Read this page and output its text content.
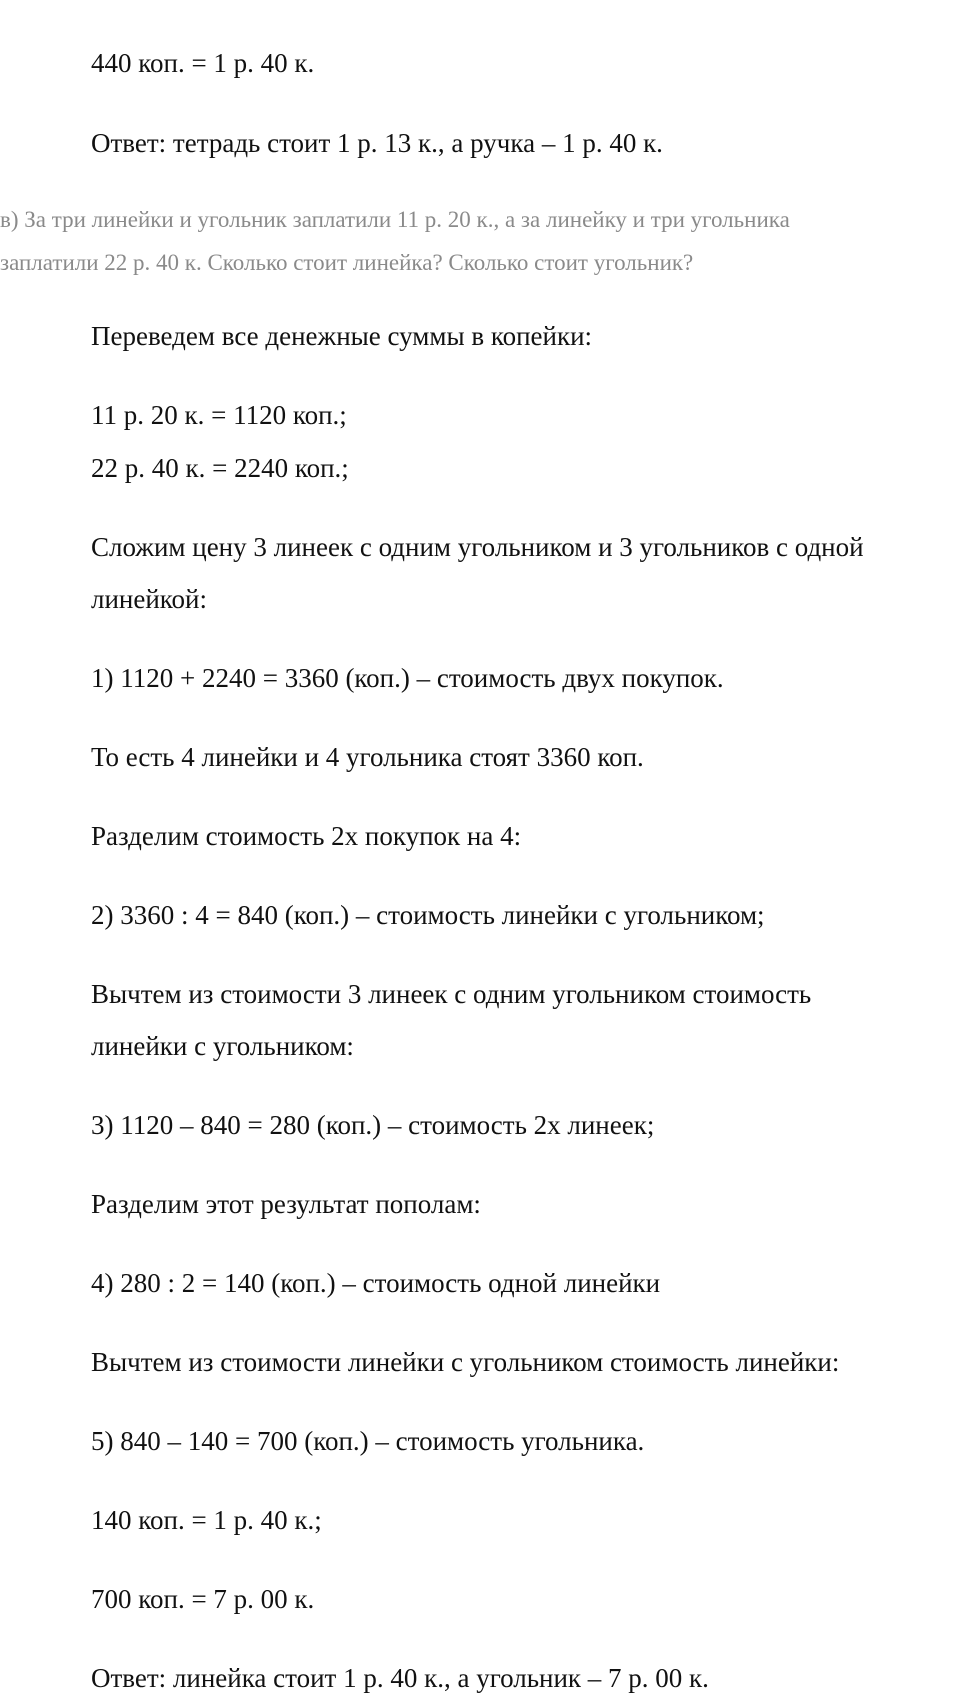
440 коп. = 1 р. 40 к.

Ответ: тетрадь стоит 1 р. 13 к., а ручка – 1 р. 40 к.

в) За три линейки и угольник заплатили 11 р. 20 к., а за линейку и три угольника

заплатили 22 р. 40 к. Сколько стоит линейка? Сколько стоит угольник?

Переведем все денежные суммы в копейки:

11 р. 20 к. = 1120 коп.;

22 р. 40 к. = 2240 коп.;

Сложим цену 3 линеек с одним угольником и 3 угольников с одной

линейкой:

1) 1120 + 2240 = 3360 (коп.) – стоимость двух покупок.

То есть 4 линейки и 4 угольника стоят 3360 коп.

Разделим стоимость 2х покупок на 4:

2) 3360 : 4 = 840 (коп.) – стоимость линейки с угольником;

Вычтем из стоимости 3 линеек с одним угольником стоимость

линейки с угольником:

3) 1120 – 840 = 280 (коп.) – стоимость 2х линеек;

Разделим этот результат пополам:

4) 280 : 2 = 140 (коп.) – стоимость одной линейки

Вычтем из стоимости линейки с угольником стоимость линейки:

5) 840 – 140 = 700 (коп.) – стоимость угольника.

140 коп. = 1 р. 40 к.;

700 коп. = 7 р. 00 к.

Ответ: линейка стоит 1 р. 40 к., а угольник – 7 р. 00 к.
